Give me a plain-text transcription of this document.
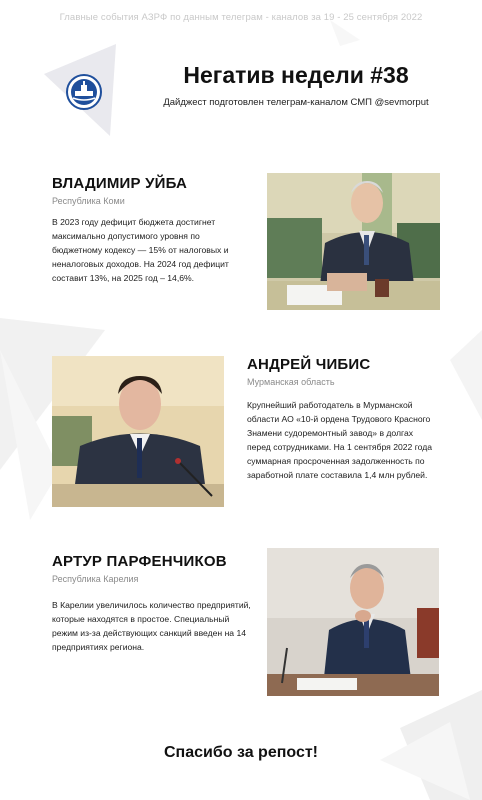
Главные события АЗРФ по данным телеграм - каналов за 19 - 25 сентября 2022
Негатив недели #38
Дайджест подготовлен телеграм-каналом СМП @sevmorput
ВЛАДИМИР УЙБА
Республика Коми
В 2023 году дефицит бюджета достигнет максимально допустимого уровня по бюджетному кодексу — 15% от налоговых и неналоговых доходов. На 2024 год дефицит составит 13%, на 2025 год – 14,6%.
АНДРЕЙ ЧИБИС
Мурманская область
Крупнейший работодатель в Мурманской области АО «10-й ордена Трудового Красного Знамени судоремонтный завод» в долгах перед сотрудниками. На 1 сентября 2022 года суммарная просроченная задолженность по заработной плате составила 1,4 млн рублей.
АРТУР ПАРФЕНЧИКОВ
Республика Карелия
В Карелии увеличилось количество предприятий, которые находятся в простое. Специальный режим из-за действующих санкций введен на 14 предприятиях региона.
Спасибо за репост!
